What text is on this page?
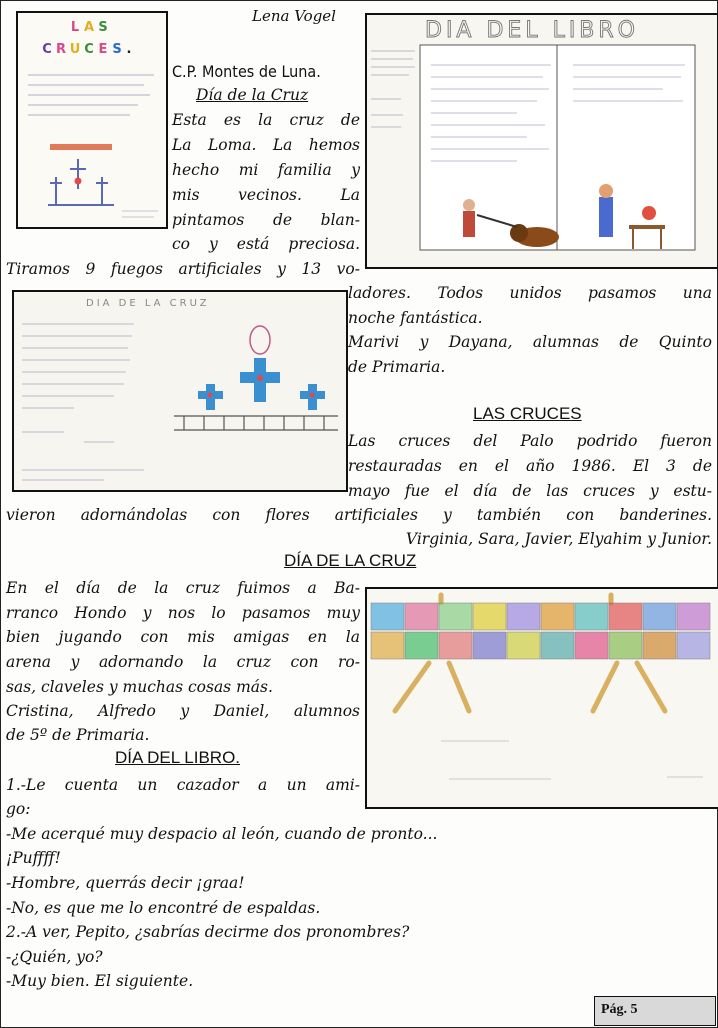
L A S C R U C E S .
DIA DEL LIBRO
DIA DE LA CRUZ
Lena Vogel
C.P. Montes de Luna.
Día de la Cruz
Esta es la cruz de
La Loma. La hemos
hecho mi familia y
mis vecinos. La
pintamos de blan-
co y está preciosa.
Tiramos 9 fuegos artificiales y 13 vo-
ladores. Todos unidos pasamos una
noche fantástica.
Marivi y Dayana, alumnas de Quinto
de Primaria.
LAS CRUCES
Las cruces del Palo podrido fueron
restauradas en el año 1986. El 3 de
mayo fue el día de las cruces y estu-
vieron adornándolas con flores artificiales y también con banderines.
Virginia, Sara, Javier, Elyahim y Junior.
DÍA DE LA CRUZ
En el día de la cruz fuimos a Ba-
rranco Hondo y nos lo pasamos muy
bien jugando con mis amigas en la
arena y adornando la cruz con ro-
sas, claveles y muchas cosas más.
Cristina, Alfredo y Daniel, alumnos
de 5º de Primaria.
DÍA DEL LIBRO.
1.-Le cuenta un cazador a un ami-
go:
-Me acerqué muy despacio al león, cuando de pronto...
¡Puffff!
-Hombre, querrás decir ¡graa!
-No, es que me lo encontré de espaldas.
2.-A ver, Pepito, ¿sabrías decirme dos pronombres?
-¿Quién, yo?
-Muy bien. El siguiente.
Pág. 5
